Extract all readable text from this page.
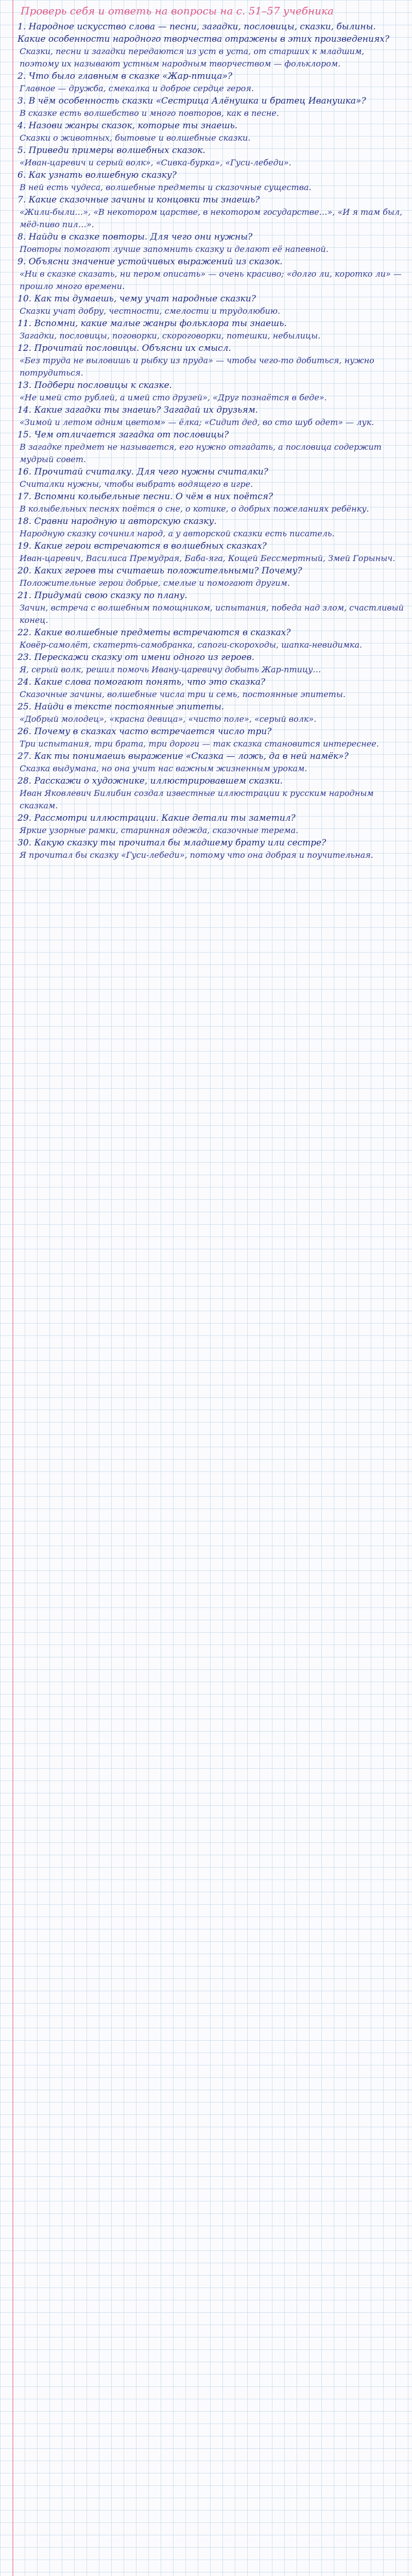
Проверь себя и ответь на вопросы на с. 51–57 учебника

1. Народное искусство слова — песни, загадки, пословицы, сказки, былины. Какие особенности народного творчества отражены в этих произведениях?

Сказки, песни и загадки передаются из уст в уста, от старших к младшим, поэтому их называют устным народным творчеством — фольклором.

2. Что было главным в сказке «Жар-птица»?

Главное — дружба, смекалка и доброе сердце героя.

3. В чём особенность сказки «Сестрица Алёнушка и братец Иванушка»?

В сказке есть волшебство и много повторов, как в песне.

4. Назови жанры сказок, которые ты знаешь.

Сказки о животных, бытовые и волшебные сказки.

5. Приведи примеры волшебных сказок.

«Иван-царевич и серый волк», «Сивка-бурка», «Гуси-лебеди».

6. Как узнать волшебную сказку?

В ней есть чудеса, волшебные предметы и сказочные существа.

7. Какие сказочные зачины и концовки ты знаешь?

«Жили-были…», «В некотором царстве, в некотором государстве…», «И я там был, мёд-пиво пил…».

8. Найди в сказке повторы. Для чего они нужны?

Повторы помогают лучше запомнить сказку и делают её напевной.

9. Объясни значение устойчивых выражений из сказок.

«Ни в сказке сказать, ни пером описать» — очень красиво; «долго ли, коротко ли» — прошло много времени.

10. Как ты думаешь, чему учат народные сказки?

Сказки учат добру, честности, смелости и трудолюбию.

11. Вспомни, какие малые жанры фольклора ты знаешь.

Загадки, пословицы, поговорки, скороговорки, потешки, небылицы.

12. Прочитай пословицы. Объясни их смысл.

«Без труда не выловишь и рыбку из пруда» — чтобы чего-то добиться, нужно потрудиться.

13. Подбери пословицы к сказке.

«Не имей сто рублей, а имей сто друзей», «Друг познаётся в беде».

14. Какие загадки ты знаешь? Загадай их друзьям.

«Зимой и летом одним цветом» — ёлка; «Сидит дед, во сто шуб одет» — лук.

15. Чем отличается загадка от пословицы?

В загадке предмет не называется, его нужно отгадать, а пословица содержит мудрый совет.

16. Прочитай считалку. Для чего нужны считалки?

Считалки нужны, чтобы выбрать водящего в игре.

17. Вспомни колыбельные песни. О чём в них поётся?

В колыбельных песнях поётся о сне, о котике, о добрых пожеланиях ребёнку.

18. Сравни народную и авторскую сказку.

Народную сказку сочинил народ, а у авторской сказки есть писатель.

19. Какие герои встречаются в волшебных сказках?

Иван-царевич, Василиса Премудрая, Баба-яга, Кощей Бессмертный, Змей Горыныч.

20. Каких героев ты считаешь положительными? Почему?

Положительные герои добрые, смелые и помогают другим.

21. Придумай свою сказку по плану.

Зачин, встреча с волшебным помощником, испытания, победа над злом, счастливый конец.

22. Какие волшебные предметы встречаются в сказках?

Ковёр-самолёт, скатерть-самобранка, сапоги-скороходы, шапка-невидимка.

23. Перескажи сказку от имени одного из героев.

Я, серый волк, решил помочь Ивану-царевичу добыть Жар-птицу…

24. Какие слова помогают понять, что это сказка?

Сказочные зачины, волшебные числа три и семь, постоянные эпитеты.

25. Найди в тексте постоянные эпитеты.

«Добрый молодец», «красна девица», «чисто поле», «серый волк».

26. Почему в сказках часто встречается число три?

Три испытания, три брата, три дороги — так сказка становится интереснее.

27. Как ты понимаешь выражение «Сказка — ложь, да в ней намёк»?

Сказка выдумана, но она учит нас важным жизненным урокам.

28. Расскажи о художнике, иллюстрировавшем сказки.

Иван Яковлевич Билибин создал известные иллюстрации к русским народным сказкам.

29. Рассмотри иллюстрации. Какие детали ты заметил?

Яркие узорные рамки, старинная одежда, сказочные терема.

30. Какую сказку ты прочитал бы младшему брату или сестре?

Я прочитал бы сказку «Гуси-лебеди», потому что она добрая и поучительная.
